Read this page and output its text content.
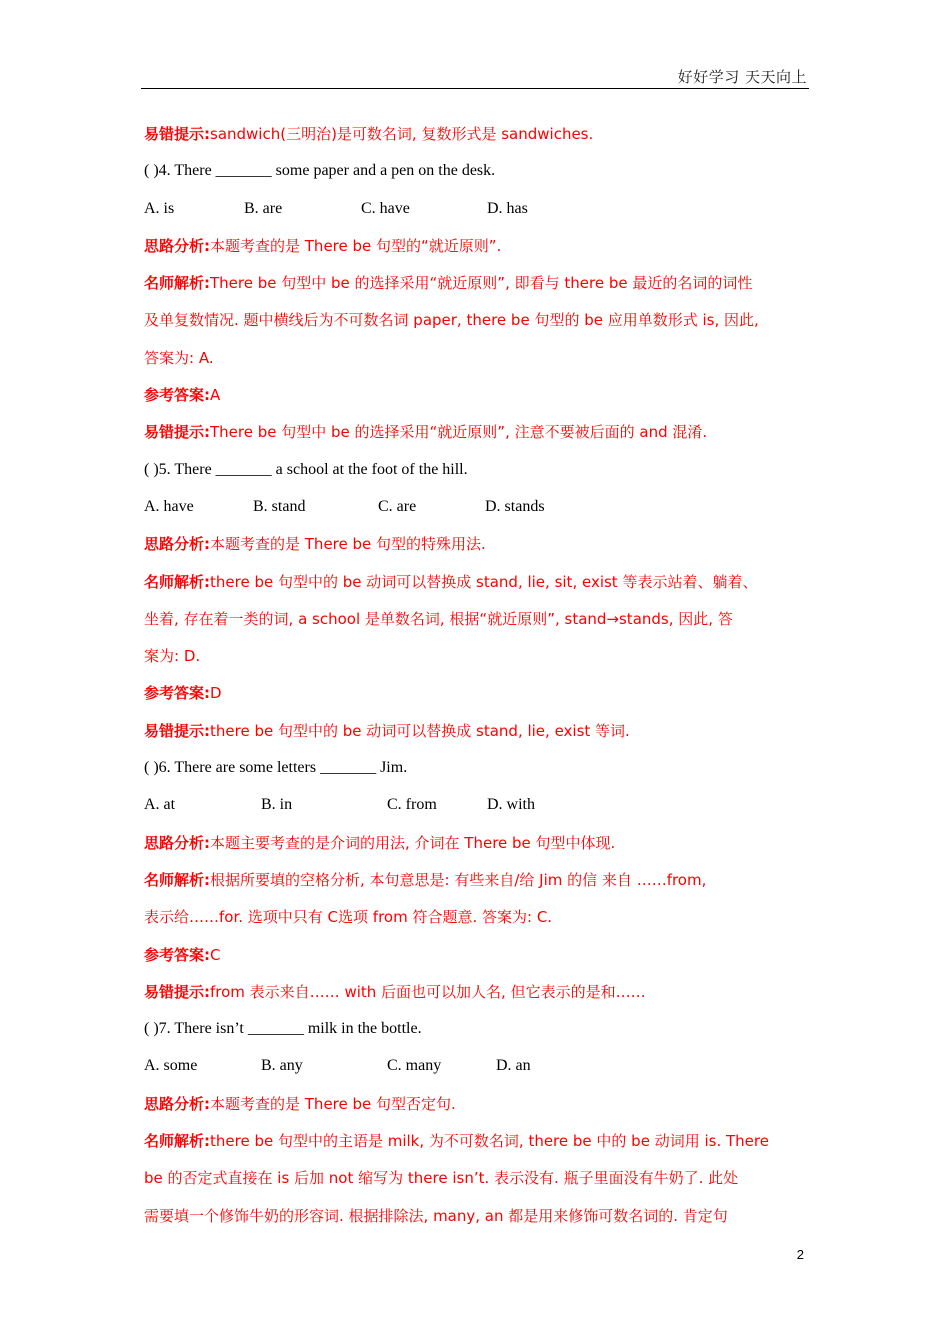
好好学习 天天向上
易错提示:sandwich(三明治)是可数名词, 复数形式是 sandwiches.
( )4. There _______ some paper and a pen on the desk.
A. is	B. are	C. have	D. has
思路分析:本题考查的是 There be 句型的“就近原则”.
名师解析:There be 句型中 be 的选择采用“就近原则”, 即看与 there be 最近的名词的词性
及单复数情况. 题中横线后为不可数名词 paper, there be 句型的 be 应用单数形式 is, 因此,
答案为: A.
参考答案:A
易错提示:There be 句型中 be 的选择采用“就近原则”, 注意不要被后面的 and 混淆.
( )5. There _______ a school at the foot of the hill.
A. have	B. stand	C. are	D. stands
思路分析:本题考查的是 There be 句型的特殊用法.
名师解析:there be 句型中的 be 动词可以替换成 stand, lie, sit, exist 等表示站着、躺着、
坐着, 存在着一类的词, a school 是单数名词, 根据“就近原则”, stand→stands, 因此, 答
案为: D.
参考答案:D
易错提示:there be 句型中的 be 动词可以替换成 stand, lie, exist 等词.
( )6. There are some letters _______ Jim.
A. at	B. in	C. from	D. with
思路分析:本题主要考查的是介词的用法, 介词在 There be 句型中体现.
名师解析:根据所要填的空格分析, 本句意思是: 有些来自/给 Jim 的信 来自 ……from,
表示给……for. 选项中只有 C选项 from 符合题意. 答案为: C.
参考答案:C
易错提示:from 表示来自…… with 后面也可以加人名, 但它表示的是和……
( )7. There isn’t _______ milk in the bottle.
A. some	B. any	C. many	D. an
思路分析:本题考查的是 There be 句型否定句.
名师解析:there be 句型中的主语是 milk, 为不可数名词, there be 中的 be 动词用 is. There
be 的否定式直接在 is 后加 not 缩写为 there isn’t. 表示没有. 瓶子里面没有牛奶了. 此处
需要填一个修饰牛奶的形容词. 根据排除法, many, an 都是用来修饰可数名词的. 肯定句
2
